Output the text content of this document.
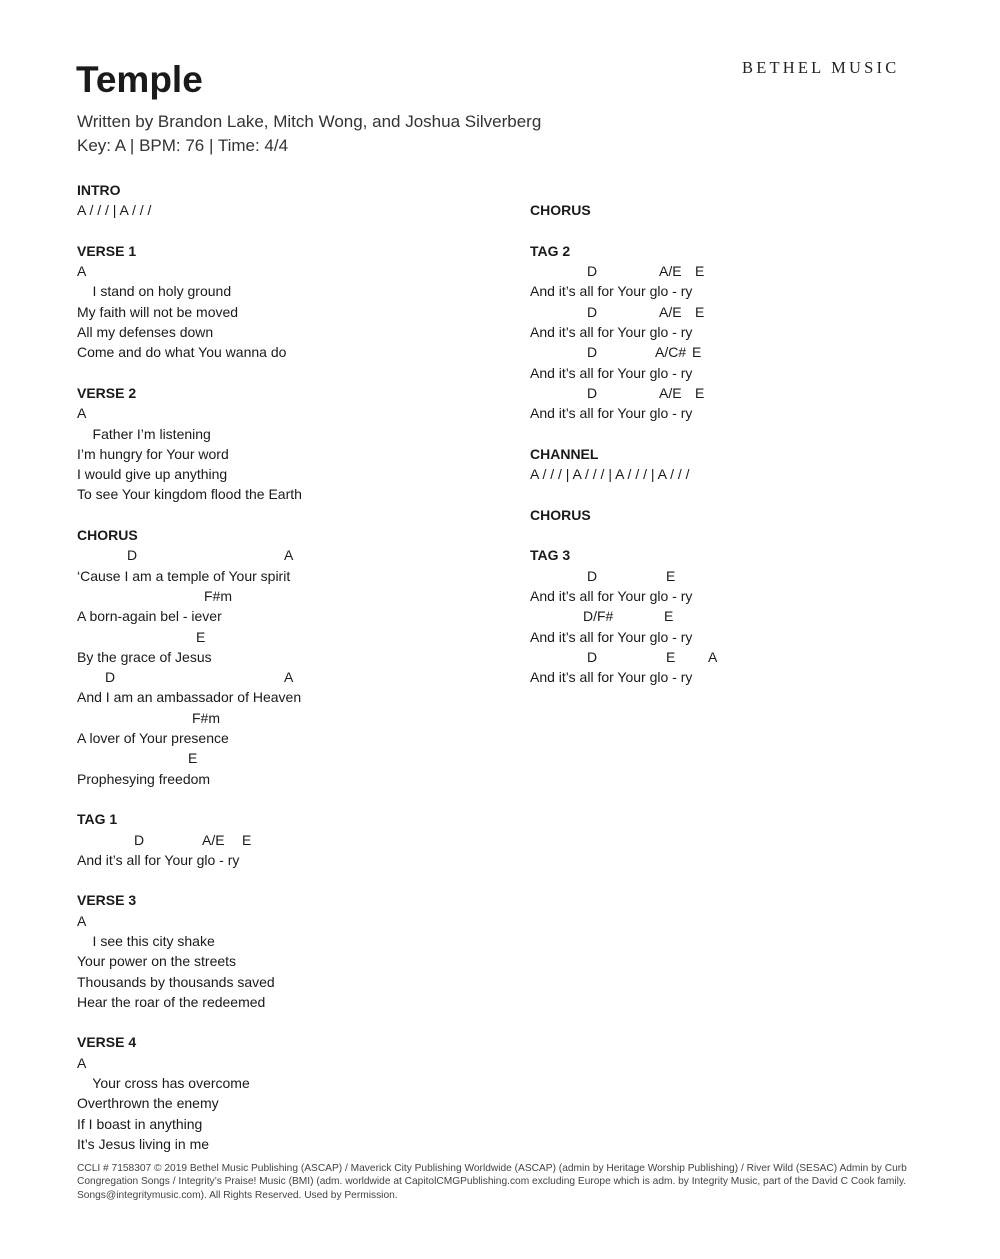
BETHEL MUSIC
Temple
Written by Brandon Lake, Mitch Wong, and Joshua Silverberg
Key: A | BPM: 76 | Time: 4/4
INTRO
A / / / | A / / /
VERSE 1
A
I stand on holy ground
My faith will not be moved
All my defenses down
Come and do what You wanna do
VERSE 2
A
Father I’m listening
I’m hungry for Your word
I would give up anything
To see Your kingdom flood the Earth
CHORUS
D	A
‘Cause I am a temple of Your spirit
F#m
A born-again bel - iever
E
By the grace of Jesus
D	A
And I am an ambassador of Heaven
F#m
A lover of Your presence
E
Prophesying freedom
TAG 1
D	A/E E
And it’s all for Your glo - ry
VERSE 3
A
I see this city shake
Your power on the streets
Thousands by thousands saved
Hear the roar of the redeemed
VERSE 4
A
Your cross has overcome
Overthrown the enemy
If I boast in anything
It’s Jesus living in me
CHORUS
TAG 2
D	A/E E
And it’s all for Your glo - ry
D	A/E E
And it’s all for Your glo - ry
D	A/C# E
And it’s all for Your glo - ry
D	A/E E
And it’s all for Your glo - ry
CHANNEL
A / / / | A / / / | A / / / | A / / /
CHORUS
TAG 3
D	E
And it’s all for Your glo - ry
D/F#	E
And it’s all for Your glo - ry
D	E A
And it’s all for Your glo - ry
CCLI # 7158307 © 2019 Bethel Music Publishing (ASCAP) / Maverick City Publishing Worldwide (ASCAP) (admin by Heritage Worship Publishing) / River Wild (SESAC) Admin by Curb Congregation Songs / Integrity’s Praise! Music (BMI) (adm. worldwide at CapitolCMGPublishing.com excluding Europe which is adm. by Integrity Music, part of the David C Cook family. Songs@integritymusic.com). All Rights Reserved. Used by Permission.
